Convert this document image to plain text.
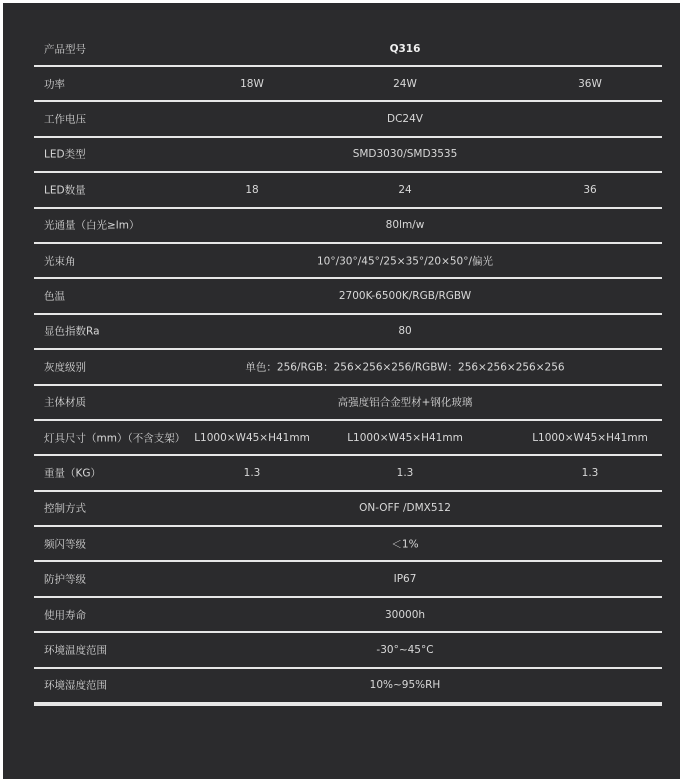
产品型号	Q316
功率	18W	24W	36W
工作电压	DC24V
LED类型	SMD3030/SMD3535
LED数量	18	24	36
光通量（白光≥lm）	80lm/w
光束角	10°/30°/45°/25×35°/20×50°/偏光
色温	2700K-6500K/RGB/RGBW
显色指数Ra	80
灰度级别	单色：256/RGB：256×256×256/RGBW：256×256×256×256
主体材质	高强度铝合金型材+钢化玻璃
灯具尺寸（mm）（不含支架） L1000×W45×H41mm	L1000×W45×H41mm	L1000×W45×H41mm
重量（KG）	1.3	1.3	1.3
控制方式	ON-OFF /DMX512
频闪等级	＜1%
防护等级	IP67
使用寿命	30000h
环境温度范围	-30°~45°C
环境湿度范围	10%~95%RH
